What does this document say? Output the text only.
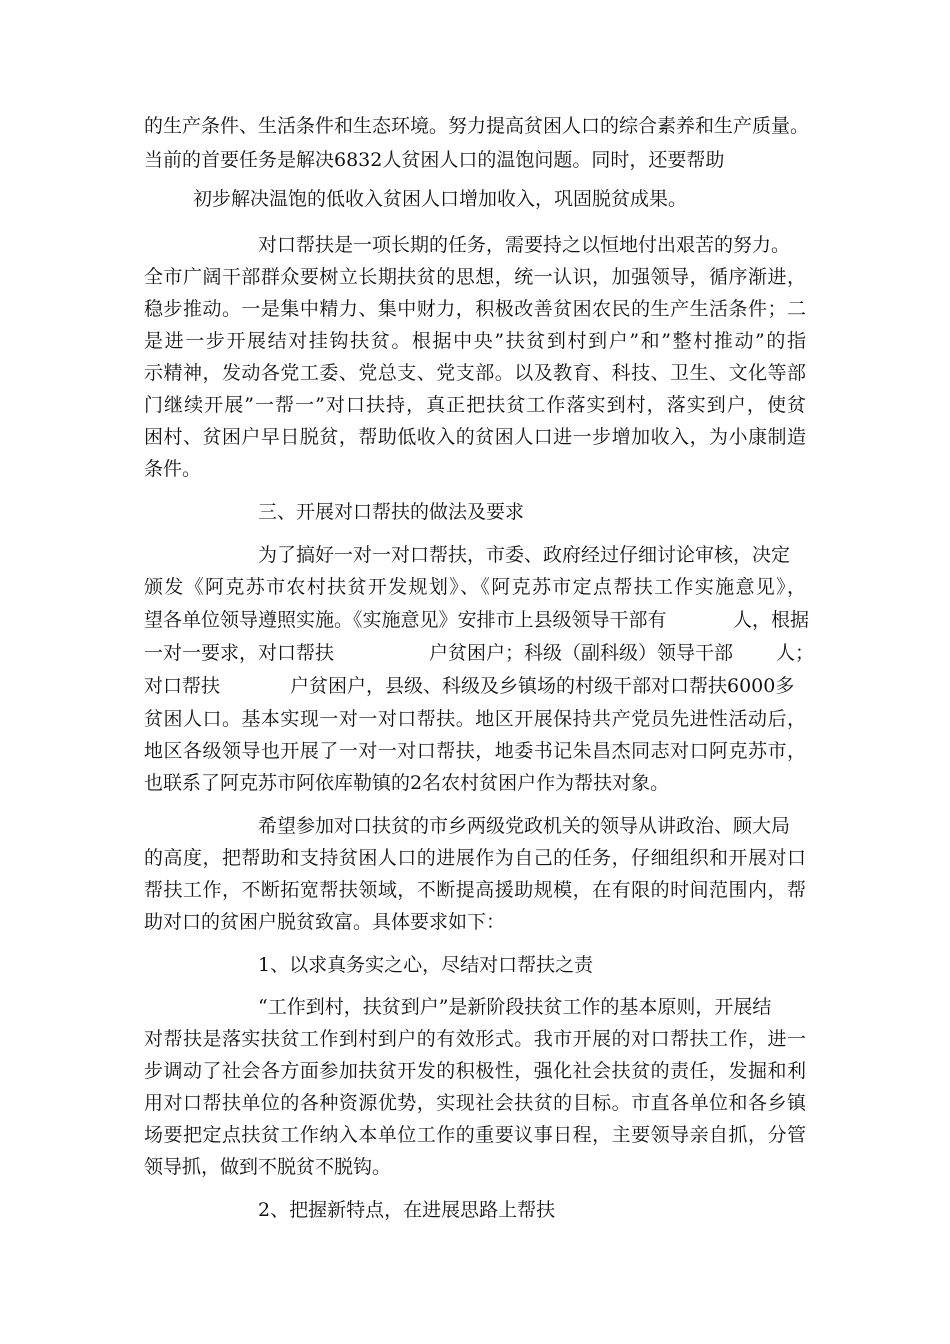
的生产条件、生活条件和生态环境。努力提高贫困人口的综合素养和生产质量。
当前的首要任务是解决6832人贫困人口的温饱问题。同时，还要帮助
初步解决温饱的低收入贫困人口增加收入，巩固脱贫成果。
对口帮扶是一项长期的任务，需要持之以恒地付出艰苦的努力。
全市广阔干部群众要树立长期扶贫的思想，统一认识，加强领导，循序渐进，
稳步推动。一是集中精力、集中财力，积极改善贫困农民的生产生活条件；二
是进一步开展结对挂钩扶贫。根据中央”扶贫到村到户”和”整村推动”的指
示精神，发动各党工委、党总支、党支部。以及教育、科技、卫生、文化等部
门继续开展”一帮一”对口扶持，真正把扶贫工作落实到村，落实到户，使贫
困村、贫困户早日脱贫，帮助低收入的贫困人口进一步增加收入，为小康制造
条件。
三、开展对口帮扶的做法及要求
为了搞好一对一对口帮扶，市委、政府经过仔细讨论审核，决定
颁发《阿克苏市农村扶贫开发规划》、《阿克苏市定点帮扶工作实施意见》，
望各单位领导遵照实施。《实施意见》安排市上县级领导干部有	人，根据
一对一要求，对口帮扶	户贫困户；科级（副科级）领导干部 人；
对口帮扶	户贫困户，县级、科级及乡镇场的村级干部对口帮扶6000多
贫困人口。基本实现一对一对口帮扶。地区开展保持共产党员先进性活动后，
地区各级领导也开展了一对一对口帮扶，地委书记朱昌杰同志对口阿克苏市，
也联系了阿克苏市阿依库勒镇的2名农村贫困户作为帮扶对象。
希望参加对口扶贫的市乡两级党政机关的领导从讲政治、顾大局
的高度，把帮助和支持贫困人口的进展作为自己的任务，仔细组织和开展对口
帮扶工作，不断拓宽帮扶领域，不断提高援助规模，在有限的时间范围内，帮
助对口的贫困户脱贫致富。具体要求如下：
1、以求真务实之心，尽结对口帮扶之责
“工作到村，扶贫到户”是新阶段扶贫工作的基本原则，开展结
对帮扶是落实扶贫工作到村到户的有效形式。我市开展的对口帮扶工作，进一
步调动了社会各方面参加扶贫开发的积极性，强化社会扶贫的责任，发掘和利
用对口帮扶单位的各种资源优势，实现社会扶贫的目标。市直各单位和各乡镇
场要把定点扶贫工作纳入本单位工作的重要议事日程，主要领导亲自抓，分管
领导抓，做到不脱贫不脱钩。
2、把握新特点，在进展思路上帮扶
